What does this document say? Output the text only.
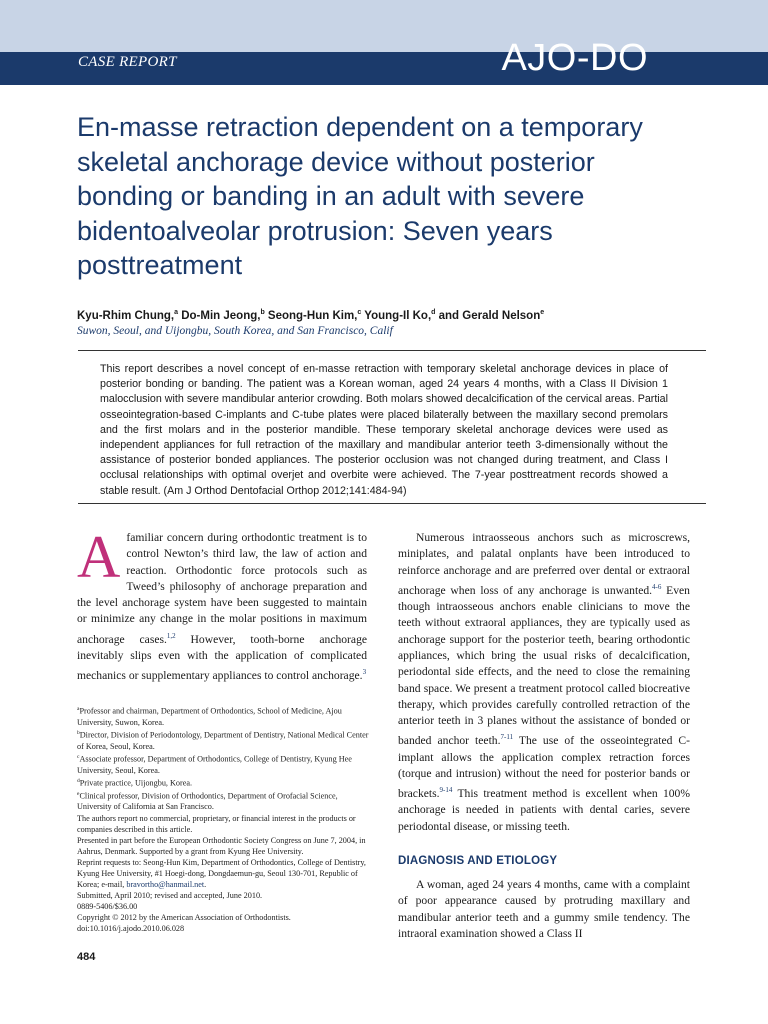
CASE REPORT	AJO-DO
En-masse retraction dependent on a temporary skeletal anchorage device without posterior bonding or banding in an adult with severe bidentoalveolar protrusion: Seven years posttreatment
Kyu-Rhim Chung,$^a$ Do-Min Jeong,$^b$ Seong-Hun Kim,$^c$ Young-Il Ko,$^d$ and Gerald Nelson$^e$
Suwon, Seoul, and Uijongbu, South Korea, and San Francisco, Calif

This report describes a novel concept of en-masse retraction with temporary skeletal anchorage devices in place of posterior bonding or banding. The patient was a Korean woman, aged 24 years 4 months, with a Class II Division 1 malocclusion with severe mandibular anterior crowding. Both molars showed decalcification of the cervical areas. Partial osseointegration-based C-implants and C-tube plates were placed bilaterally between the maxillary second premolars and the first molars and in the posterior mandible. These temporary skeletal anchorage devices were used as independent appliances for full retraction of the maxillary and mandibular anterior teeth 3-dimensionally without the assistance of posterior bonded appliances. The posterior occlusion was not changed during treatment, and Class I occlusal relationships with optimal overjet and overbite were achieved. The 7-year posttreatment records showed a stable result. (Am J Orthod Dentofacial Orthop 2012;141:484-94)

Afamiliar concern during orthodontic treatment is to control Newton’s third law, the law of action and reaction. Orthodontic force protocols such as Tweed’s philosophy of anchorage preparation and the level anchorage system have been suggested to maintain or minimize any change in the molar positions in maximum anchorage cases.$^{1,2}$ However, tooth-borne anchorage inevitably slips even with the application of complicated mechanics or supplementary appliances to control anchorage.$^3$

$^a$Professor and chairman, Department of Orthodontics, School of Medicine, Ajou University, Suwon, Korea.

$^b$Director, Division of Periodontology, Department of Dentistry, National Medical Center of Korea, Seoul, Korea.

$^c$Associate professor, Department of Orthodontics, College of Dentistry, Kyung Hee University, Seoul, Korea.

$^d$Private practice, Uijongbu, Korea.

$^e$Clinical professor, Division of Orthodontics, Department of Orofacial Science, University of California at San Francisco.

The authors report no commercial, proprietary, or financial interest in the products or companies described in this article.

Presented in part before the European Orthodontic Society Congress on June 7, 2004, in Aahrus, Denmark. Supported by a grant from Kyung Hee University.

Reprint requests to: Seong-Hun Kim, Department of Orthodontics, College of Dentistry, Kyung Hee University, #1 Hoegi-dong, Dongdaemun-gu, Seoul 130-701, Republic of Korea; e-mail, bravortho@hanmail.net.

Submitted, April 2010; revised and accepted, June 2010.

0889-5406/$36.00

Copyright © 2012 by the American Association of Orthodontists.

doi:10.1016/j.ajodo.2010.06.028

Numerous intraosseous anchors such as microscrews, miniplates, and palatal onplants have been introduced to reinforce anchorage and are preferred over dental or extraoral anchorage when loss of any anchorage is unwanted.$^{4-6}$ Even though intraosseous anchors enable clinicians to move the teeth without extraoral appliances, they are typically used as anchorage support for the posterior teeth, bearing orthodontic appliances, which bring the usual risks of decalcification, periodontal side effects, and the need to close the remaining band space. We present a treatment protocol called biocreative therapy, which provides carefully controlled retraction of the anterior teeth in 3 planes without the assistance of bonded or banded anchor teeth.$^{7-11}$ The use of the osseointegrated C-implant allows the application complex retraction forces (torque and intrusion) without the need for posterior bands or brackets.$^{9-14}$ This treatment method is excellent when 100% anchorage is needed in patients with dental caries, severe periodontal disease, or missing teeth.

DIAGNOSIS AND ETIOLOGY

A woman, aged 24 years 4 months, came with a complaint of poor appearance caused by protruding maxillary and mandibular anterior teeth and a gummy smile tendency. The intraoral examination showed a Class II

484
